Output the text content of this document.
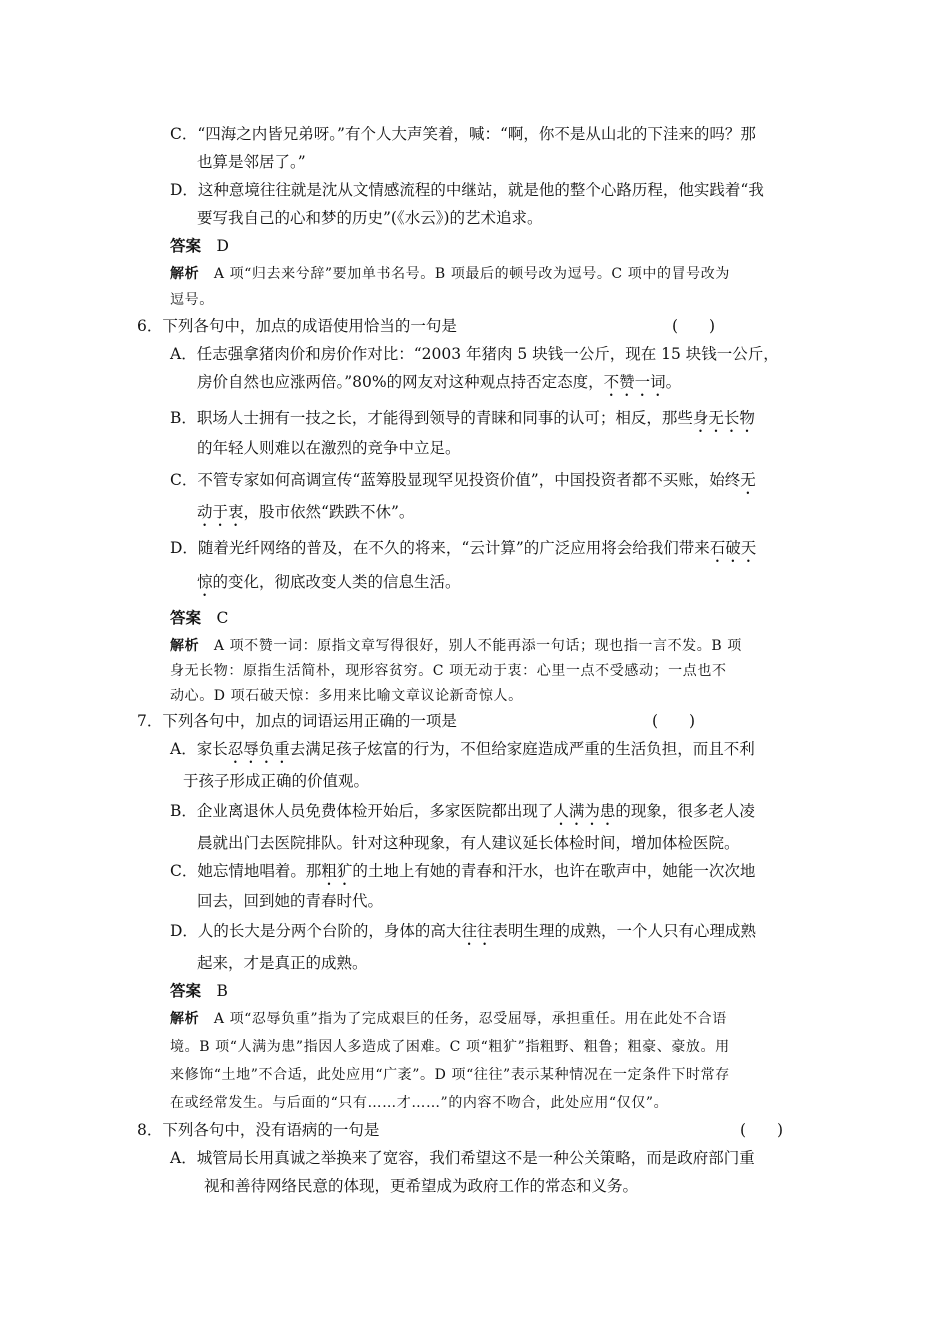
C．“四海之内皆兄弟呀。”有个人大声笑着，喊：“啊，你不是从山北的下洼来的吗？那
也算是邻居了。”
D．这种意境往往就是沈从文情感流程的中继站，就是他的整个心路历程，他实践着“我
要写我自己的心和梦的历史”(《水云》)的艺术追求。
答案　 D
解析　 A 项“归去来兮辞”要加单书名号。B 项最后的顿号改为逗号。C 项中的冒号改为
逗号。
6．下列各句中，加点的成语使用恰当的一句是	(　　)
A．任志强拿猪肉价和房价作对比：“2003 年猪肉 5 块钱一公斤，现在 15 块钱一公斤，
房价自然也应涨两倍。”80%的网友对这种观点持否定态度，不赞一词。
B．职场人士拥有一技之长，才能得到领导的青睐和同事的认可；相反，那些身无长物
的年轻人则难以在激烈的竞争中立足。
C．不管专家如何高调宣传“蓝筹股显现罕见投资价值”，中国投资者都不买账，始终无
动于衷，股市依然“跌跌不休”。
D．随着光纤网络的普及，在不久的将来，“云计算”的广泛应用将会给我们带来石破天
惊的变化，彻底改变人类的信息生活。
答案　 C
解析　 A 项不赞一词：原指文章写得很好，别人不能再添一句话；现也指一言不发。B 项
身无长物：原指生活简朴，现形容贫穷。C 项无动于衷：心里一点不受感动；一点也不
动心。D 项石破天惊：多用来比喻文章议论新奇惊人。
7．下列各句中，加点的词语运用正确的一项是	(　　)
A．家长忍辱负重去满足孩子炫富的行为，不但给家庭造成严重的生活负担，而且不利
于孩子形成正确的价值观。
B．企业离退休人员免费体检开始后，多家医院都出现了人满为患的现象，很多老人凌
晨就出门去医院排队。针对这种现象，有人建议延长体检时间，增加体检医院。
C．她忘情地唱着。那粗犷的土地上有她的青春和汗水，也许在歌声中，她能一次次地
回去，回到她的青春时代。
D．人的长大是分两个台阶的，身体的高大往往表明生理的成熟，一个人只有心理成熟
起来，才是真正的成熟。
答案　 B
解析　 A 项“忍辱负重”指为了完成艰巨的任务，忍受屈辱，承担重任。用在此处不合语
境。B 项“人满为患”指因人多造成了困难。C 项“粗犷”指粗野、粗鲁；粗豪、豪放。用
来修饰“土地”不合适，此处应用“广袤”。D 项“往往”表示某种情况在一定条件下时常存
在或经常发生。与后面的“只有……才……”的内容不吻合，此处应用“仅仅”。
8．下列各句中，没有语病的一句是	(　　)
A．城管局长用真诚之举换来了宽容，我们希望这不是一种公关策略，而是政府部门重
视和善待网络民意的体现，更希望成为政府工作的常态和义务。
